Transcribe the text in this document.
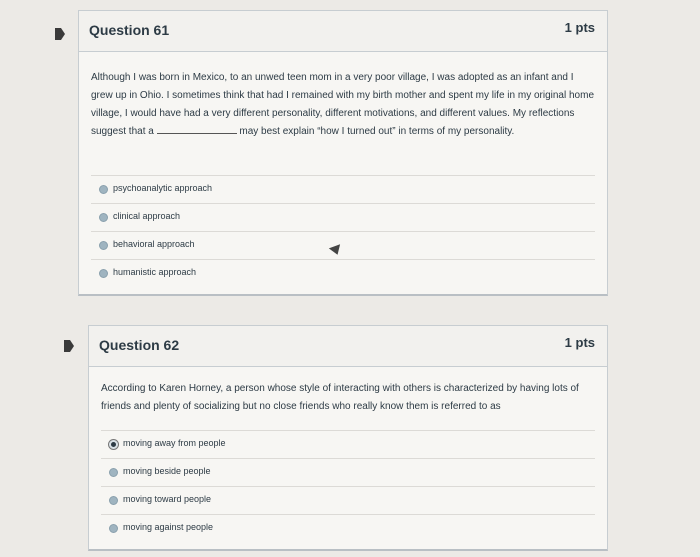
Question 61	1 pts
Although I was born in Mexico, to an unwed teen mom in a very poor village, I was adopted as an infant and I grew up in Ohio. I sometimes think that had I remained with my birth mother and spent my life in my original home village, I would have had a very different personality, different motivations, and different values. My reflections suggest that a	may best explain “how I turned out” in terms of my personality.
psychoanalytic approach
clinical approach
behavioral approach
humanistic approach
Question 62	1 pts
According to Karen Horney, a person whose style of interacting with others is characterized by having lots of friends and plenty of socializing but no close friends who really know them is referred to as
moving away from people
moving beside people
moving toward people
moving against people
